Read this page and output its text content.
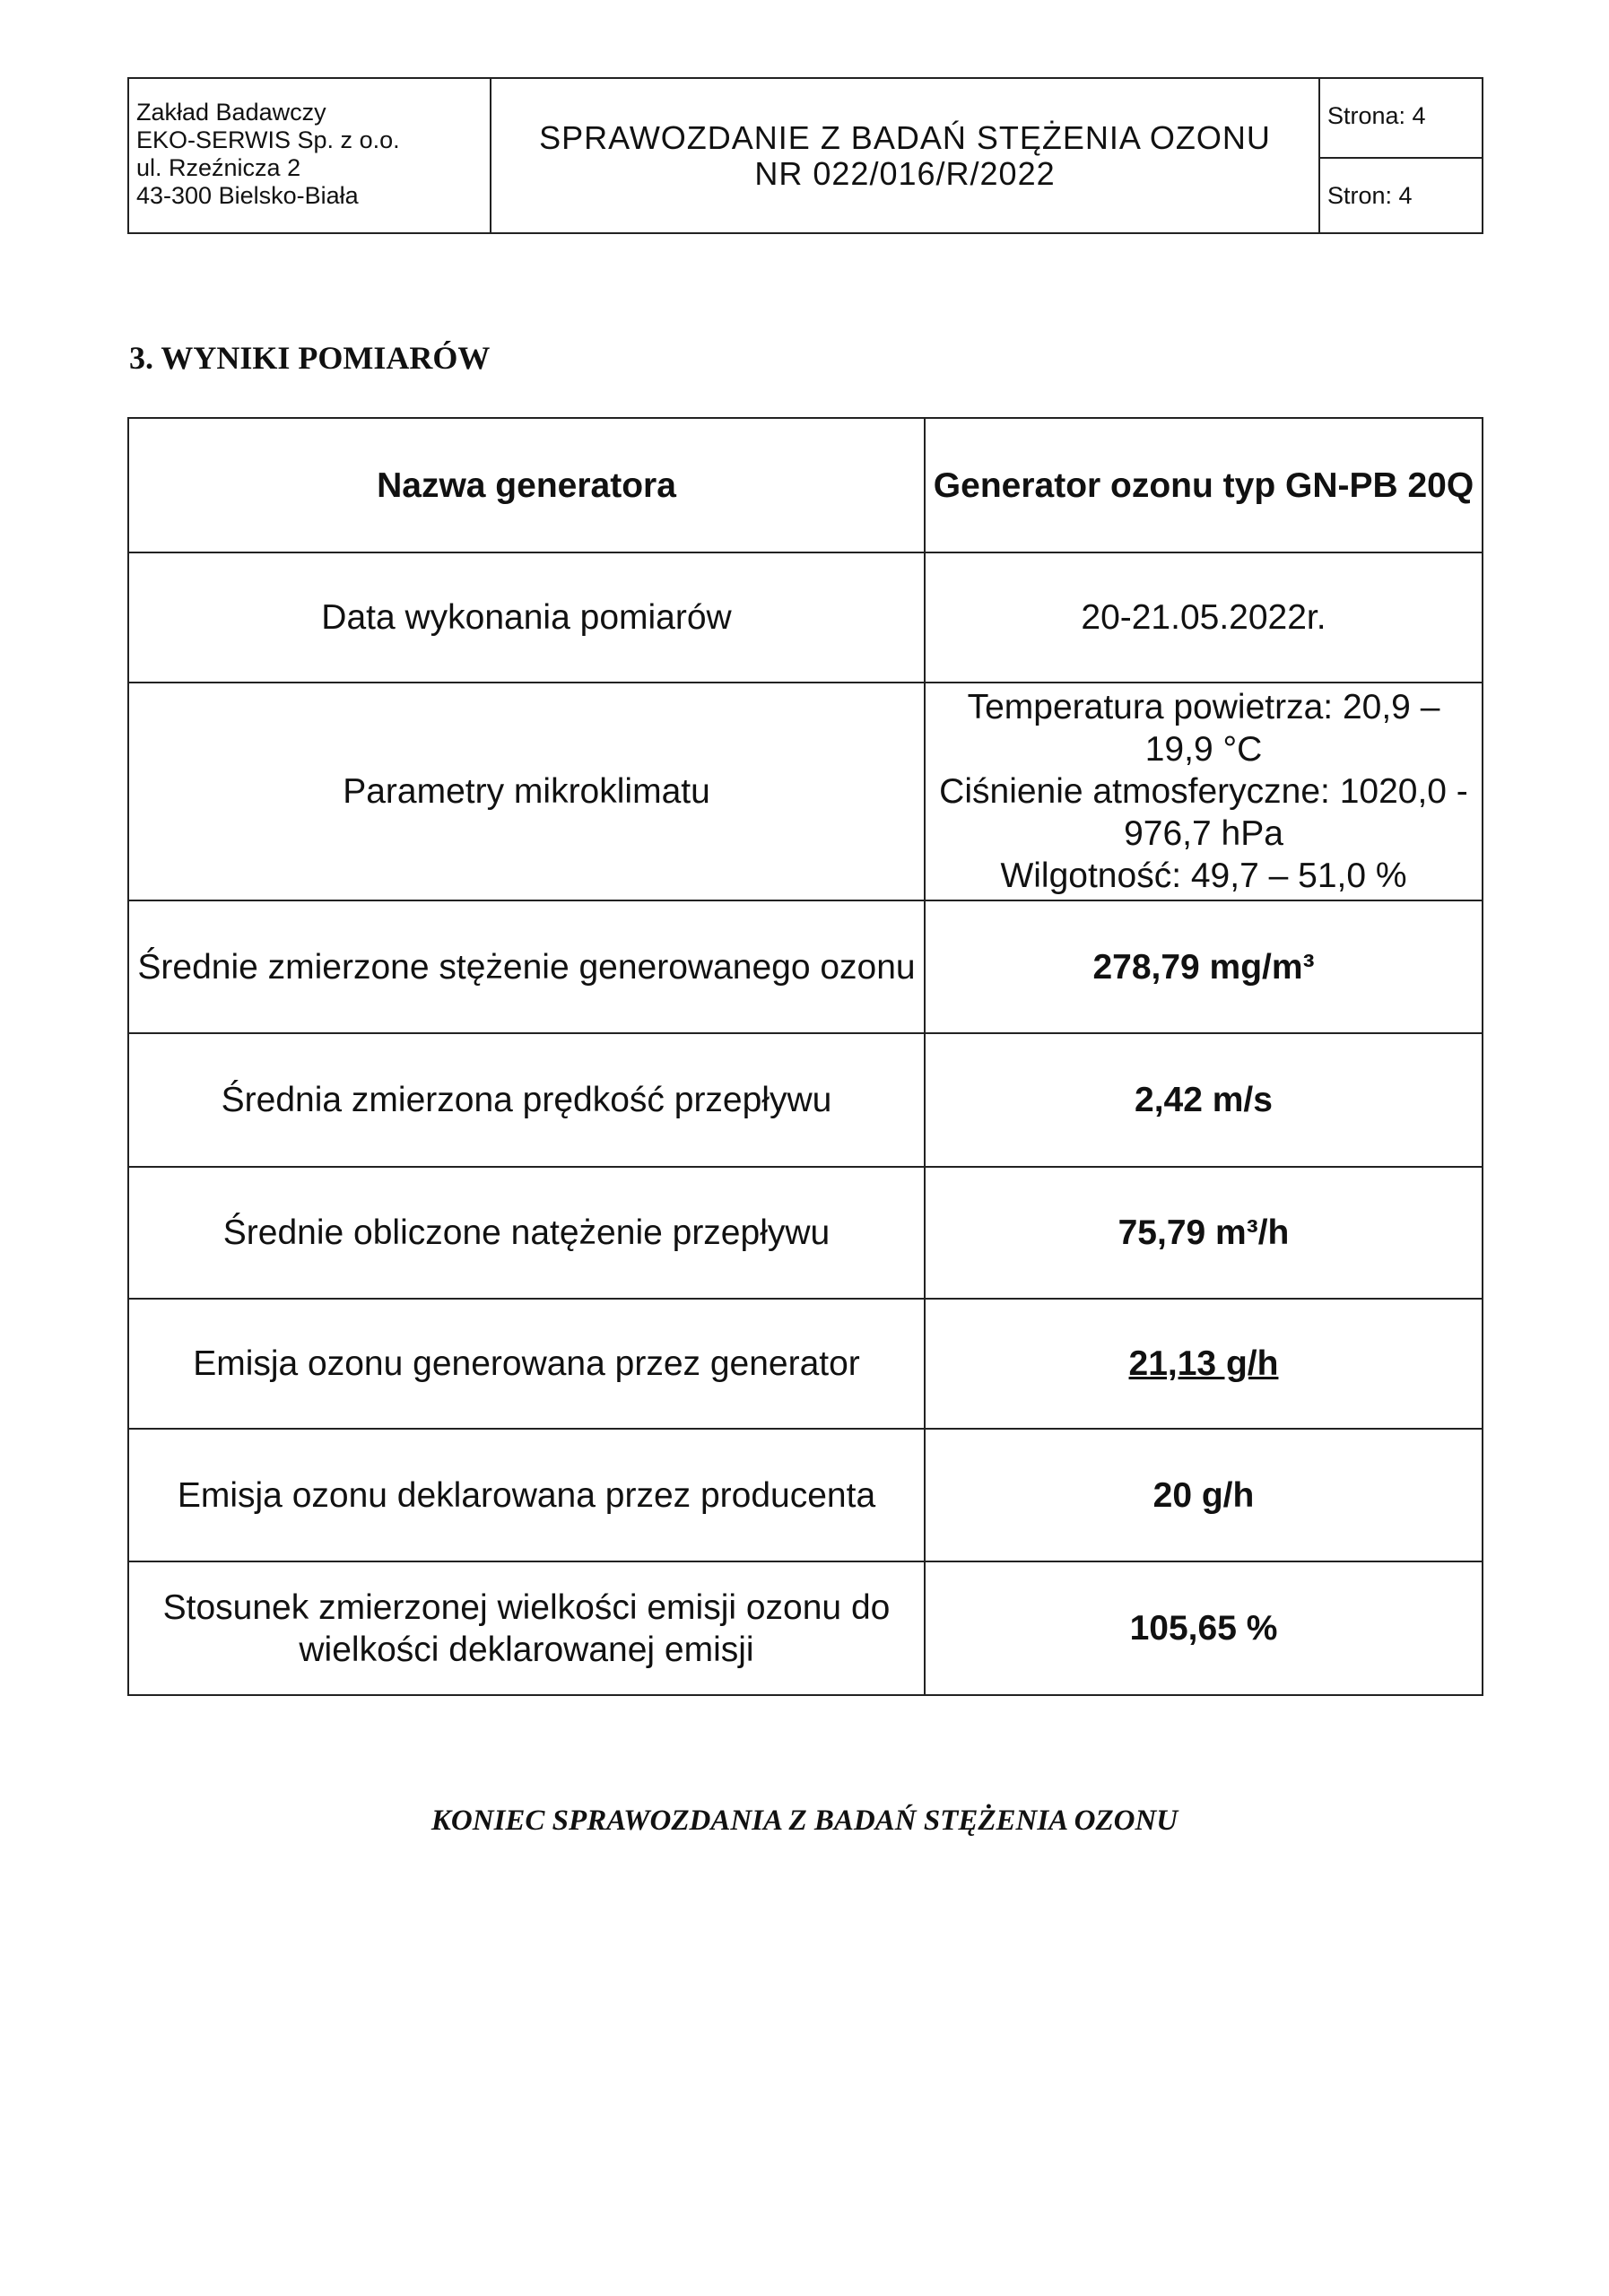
Zakład Badawczy
EKO-SERWIS Sp. z o.o.
ul. Rzeźnicza 2
43-300 Bielsko-Biała
SPRAWOZDANIE Z BADAŃ STĘŻENIA OZONU
NR 022/016/R/2022
Strona: 4
Stron: 4
3. WYNIKI POMIARÓW
Nazwa generatora	Generator ozonu typ GN-PB 20Q
Data wykonania pomiarów	20-21.05.2022r.
Parametry mikroklimatu	Temperatura powietrza: 20,9 – 19,9 °C
Ciśnienie atmosferyczne: 1020,0 - 976,7 hPa
Wilgotność: 49,7 – 51,0 %

Średnie zmierzone stężenie generowanego ozonu	278,79 mg/m³
Średnia zmierzona prędkość przepływu	2,42 m/s
Średnie obliczone natężenie przepływu	75,79 m³/h
Emisja ozonu generowana przez generator	21,13 g/h
Emisja ozonu deklarowana przez producenta	20 g/h
Stosunek zmierzonej wielkości emisji ozonu do wielkości deklarowanej emisji	105,65 %
KONIEC SPRAWOZDANIA Z BADAŃ STĘŻENIA OZONU
